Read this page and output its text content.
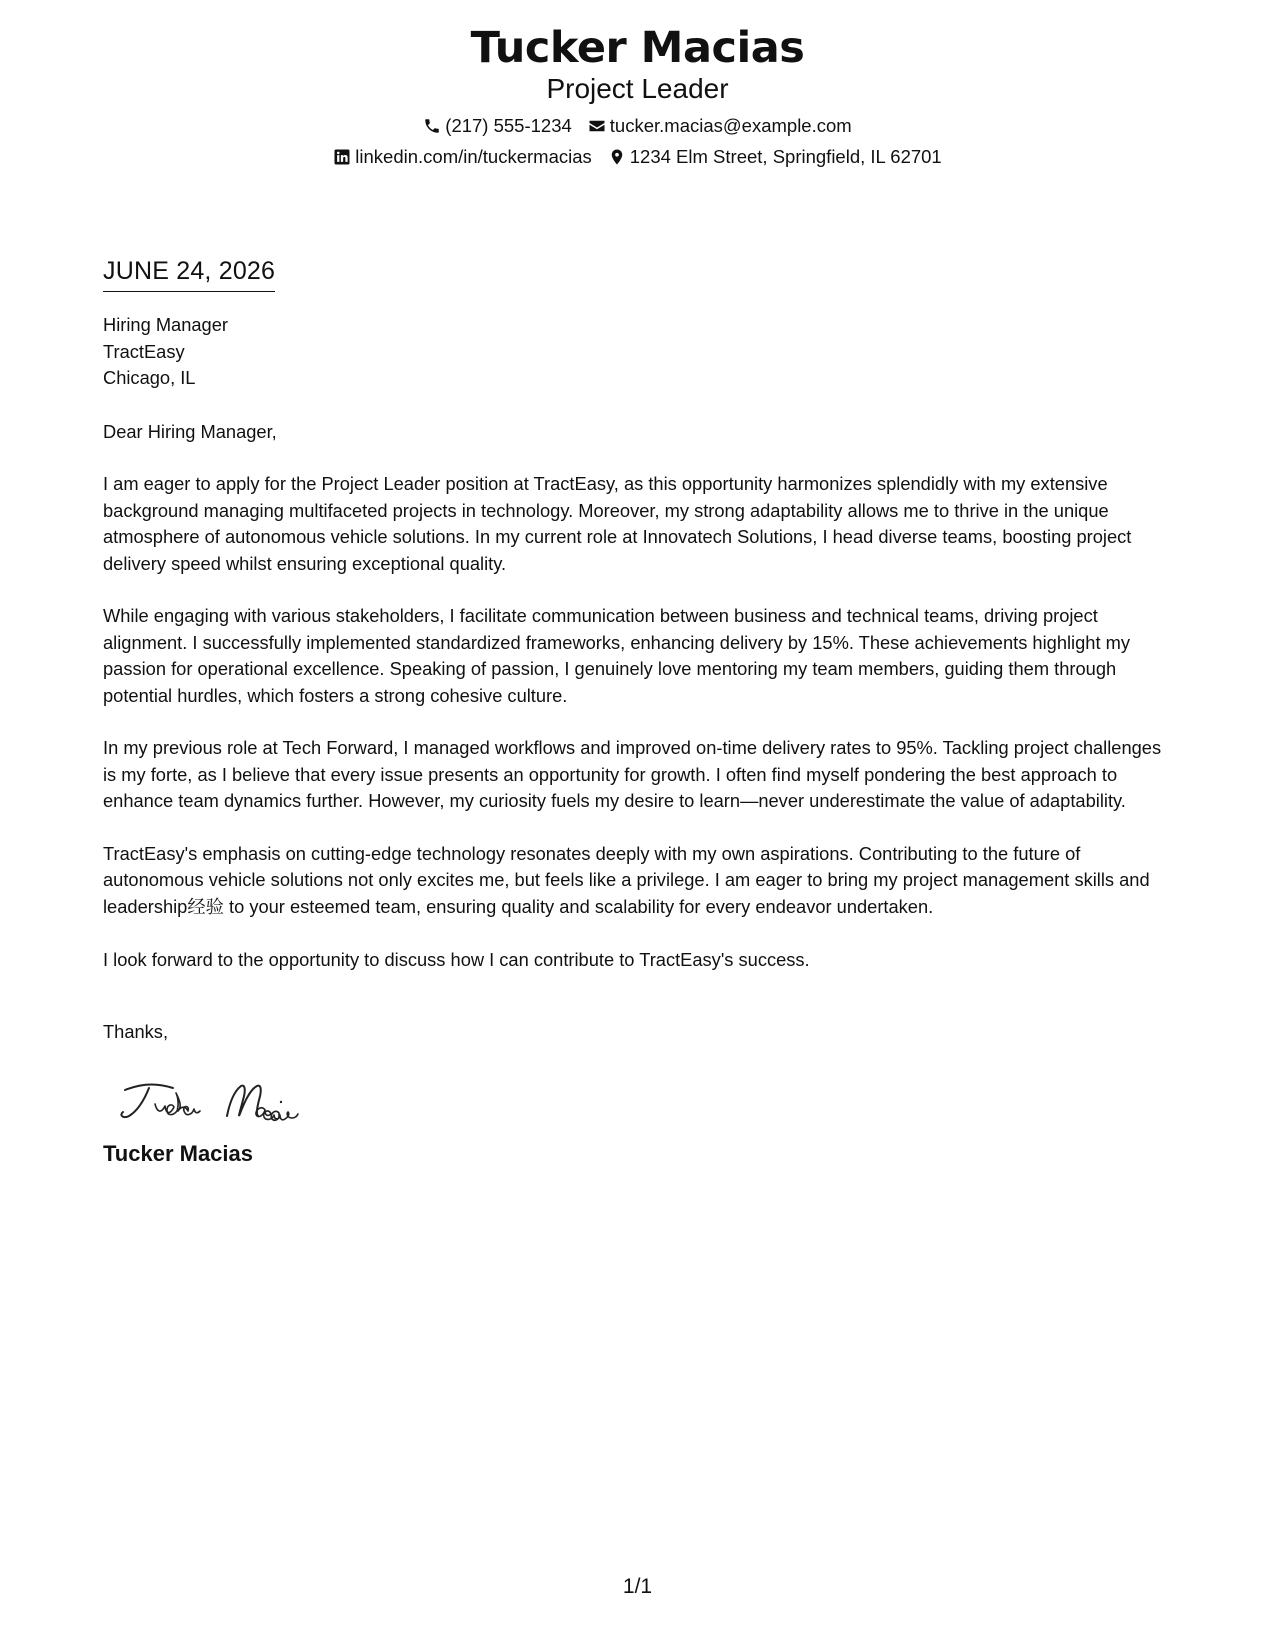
Tucker Macias
Project Leader
(217) 555-1234 tucker.macias@example.com
linkedin.com/in/tuckermacias 1234 Elm Street, Springfield, IL 62701
JUNE 24, 2026
Hiring Manager
TractEasy
Chicago, IL
Dear Hiring Manager,
I am eager to apply for the Project Leader position at TractEasy, as this opportunity harmonizes splendidly with my extensive background managing multifaceted projects in technology. Moreover, my strong adaptability allows me to thrive in the unique atmosphere of autonomous vehicle solutions. In my current role at Innovatech Solutions, I head diverse teams, boosting project delivery speed whilst ensuring exceptional quality.
While engaging with various stakeholders, I facilitate communication between business and technical teams, driving project alignment. I successfully implemented standardized frameworks, enhancing delivery by 15%. These achievements highlight my passion for operational excellence. Speaking of passion, I genuinely love mentoring my team members, guiding them through potential hurdles, which fosters a strong cohesive culture.
In my previous role at Tech Forward, I managed workflows and improved on-time delivery rates to 95%. Tackling project challenges is my forte, as I believe that every issue presents an opportunity for growth. I often find myself pondering the best approach to enhance team dynamics further. However, my curiosity fuels my desire to learn—never underestimate the value of adaptability.
TractEasy's emphasis on cutting-edge technology resonates deeply with my own aspirations. Contributing to the future of autonomous vehicle solutions not only excites me, but feels like a privilege. I am eager to bring my project management skills and leadership经验 to your esteemed team, ensuring quality and scalability for every endeavor undertaken.
I look forward to the opportunity to discuss how I can contribute to TractEasy's success.
Thanks,
Tucker Macias
1/1
